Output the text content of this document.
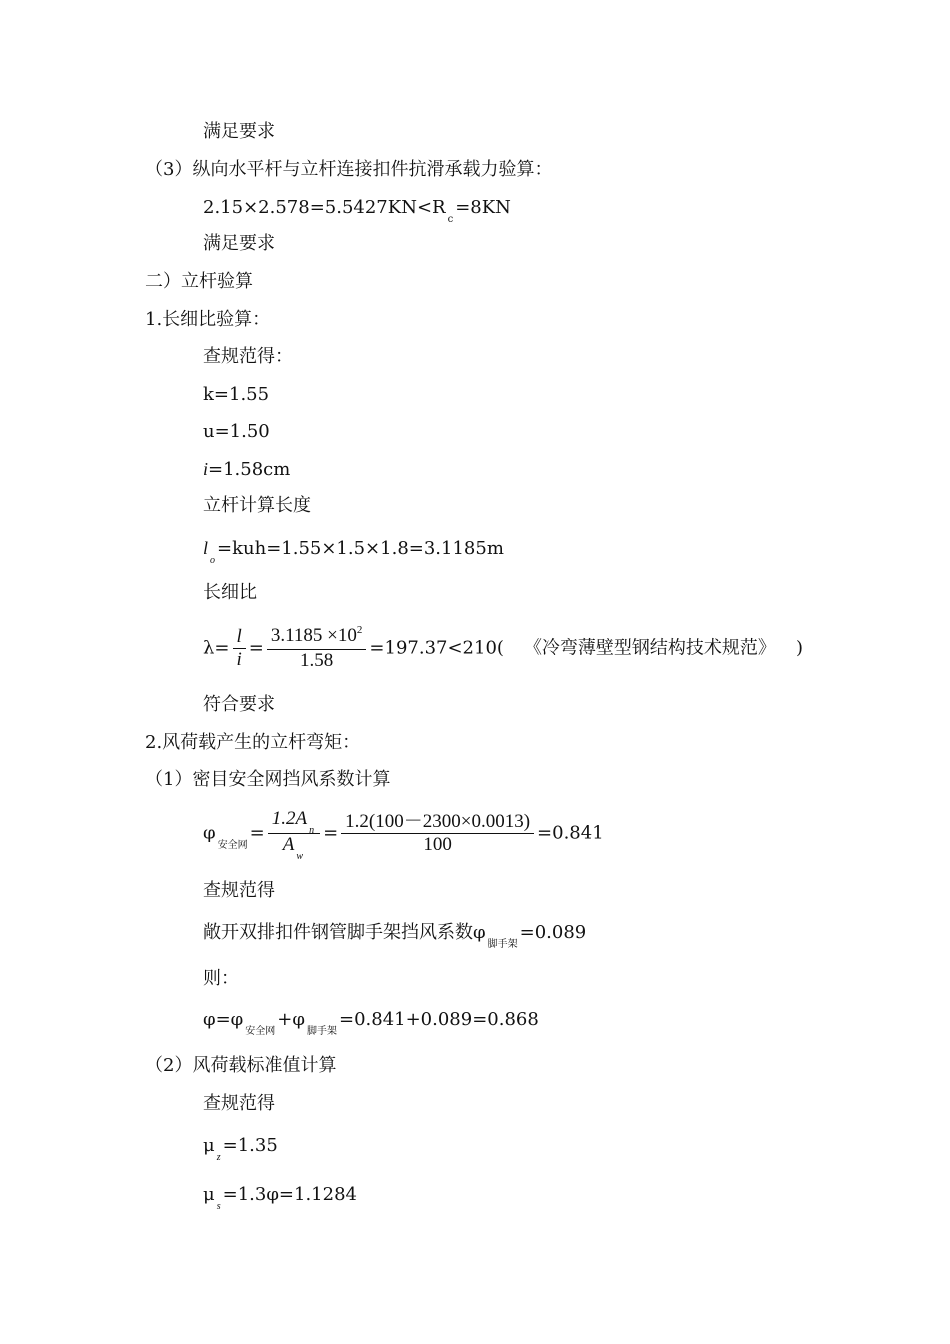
满足要求
（3）纵向水平杆与立杆连接扣件抗滑承载力验算：
$2.15\times 2.578=5.5427KN<R_c=8KN$
满足要求
二）立杆验算
1.长细比验算：
查规范得：
k=1.55
u=1.50
i=1.58cm
立杆计算长度
$l_o=kuh=1.55\times 1.5\times 1.8=3.1185m$
长细比
$\lambda= \frac{l}{i} = \frac{3.1185 \times 10^2}{1.58} =197.37<210$( 《冷弯薄壁型钢结构技术规范》 )
符合要求
2.风荷载产生的立杆弯矩：
（1）密目安全网挡风系数计算
$\varphi_{安全网}= \frac{1.2A_n}{A_w} = \frac{1.2(100-2300\times 0.0013)}{100} =0.841$
查规范得
敞开双排扣件钢管脚手架挡风系数$\varphi_{脚手架}=0.089$
则：
$\varphi=\varphi_{安全网}+\varphi_{脚手架}=0.841+0.089=0.868$
（2）风荷载标准值计算
查规范得
$\mu_z=1.35$
$\mu_s=1.3\varphi=1.1284$
